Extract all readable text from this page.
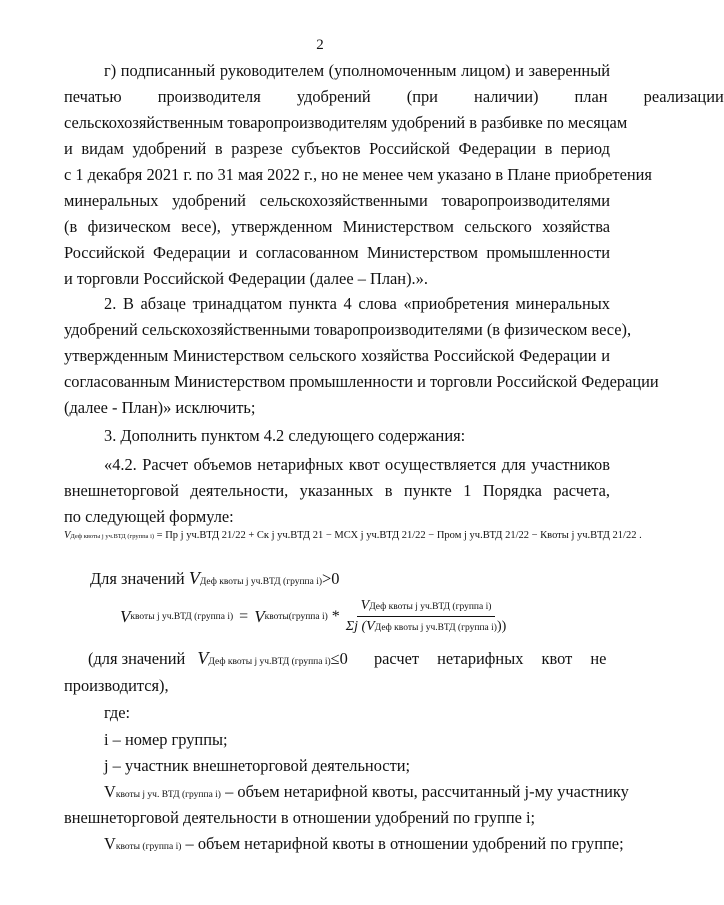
2
г) подписанный руководителем (уполномоченным лицом) и заверенный
печатью производителя удобрений (при наличии) план реализации
сельскохозяйственным товаропроизводителям удобрений в разбивке по месяцам
и видам удобрений в разрезе субъектов Российской Федерации в период
с 1 декабря 2021 г. по 31 мая 2022 г., но не менее чем указано в Плане приобретения
минеральных удобрений сельскохозяйственными товаропроизводителями
(в физическом весе), утвержденном Министерством сельского хозяйства
Российской Федерации и согласованном Министерством промышленности
и торговли Российской Федерации (далее – План).».
2. В абзаце тринадцатом пункта 4 слова «приобретения минеральных
удобрений сельскохозяйственными товаропроизводителями (в физическом весе),
утвержденным Министерством сельского хозяйства Российской Федерации и
согласованным Министерством промышленности и торговли Российской Федерации
(далее - План)» исключить;
3. Дополнить пунктом 4.2 следующего содержания:
«4.2. Расчет объемов нетарифных квот осуществляется для участников
внешнеторговой деятельности, указанных в пункте 1 Порядка расчета,
по следующей формуле:
VДеф квоты j уч.ВТД (группа i) = Пр j уч.ВТД 21/22 + Ск j уч.ВТД 21 − МСХ j уч.ВТД 21/22 − Пром j уч.ВТД 21/22 − Квоты j уч.ВТД 21/22 .
Для значений VДеф квоты j уч.ВТД (группа i)>0
V квоты j уч.ВТД (группа i) = V квоты(группа $i) * \frac{\text{VДеф квоты j уч.ВТД (группа i)}}{\text{Σj (VДеф квоты j уч.ВТД (группа i)))}}$
(для значений VДеф квоты j уч.ВТД (группа i)≤0 расчет нетарифных квот не
производится),
где:
i – номер группы;
j – участник внешнеторговой деятельности;
Vквоты j уч. ВТД (группа i) – объем нетарифной квоты, рассчитанный j-му участнику
внешнеторговой деятельности в отношении удобрений по группе i;
Vквоты (группа i) – объем нетарифной квоты в отношении удобрений по группе;
